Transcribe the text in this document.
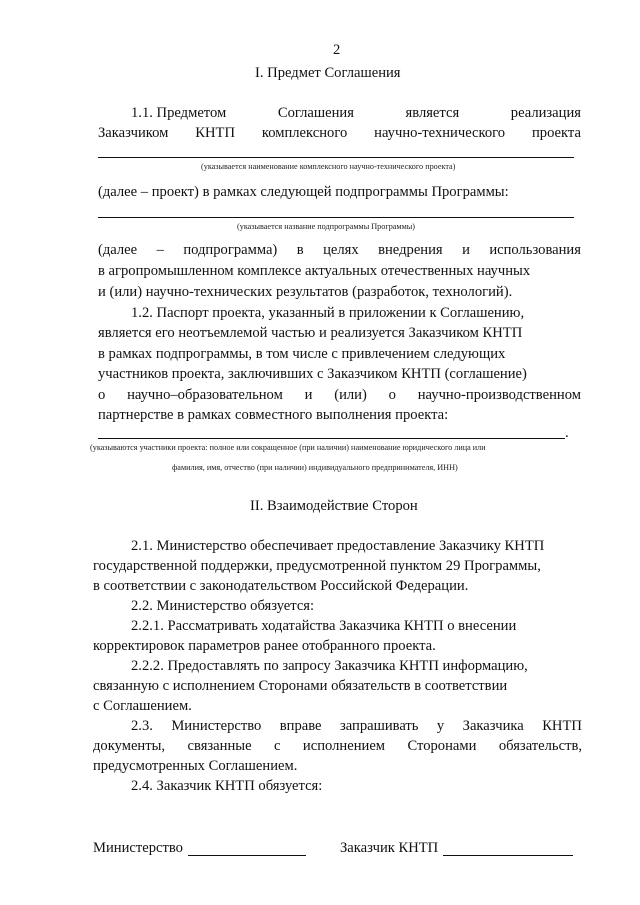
2
I. Предмет Соглашения
1.1. Предметом	Соглашения	является	реализация
Заказчиком КНТП комплексного научно-технического проекта
(указывается наименование комплексного научно-технического проекта)
(далее – проект) в рамках следующей подпрограммы Программы:
(указывается название подпрограммы Программы)
(далее – подпрограмма) в целях внедрения и использования
в агропромышленном комплексе актуальных отечественных научных
и (или) научно-технических результатов (разработок, технологий).
1.2. Паспорт проекта, указанный в приложении к Соглашению,
является его неотъемлемой частью и реализуется Заказчиком КНТП
в рамках подпрограммы, в том числе с привлечением следующих
участников проекта, заключивших с Заказчиком КНТП (соглашение)
о научно–образовательном и (или) о научно-производственном
партнерстве в рамках совместного выполнения проекта:
.
(указываются участники проекта: полное или сокращенное (при наличии) наименование юридического лица или
фамилия, имя, отчество (при наличии) индивидуального предпринимателя, ИНН)
II. Взаимодействие Сторон
2.1. Министерство обеспечивает предоставление Заказчику КНТП
государственной поддержки, предусмотренной пунктом 29 Программы,
в соответствии с законодательством Российской Федерации.
2.2. Министерство обязуется:
2.2.1. Рассматривать ходатайства Заказчика КНТП о внесении
корректировок параметров ранее отобранного проекта.
2.2.2. Предоставлять по запросу Заказчика КНТП информацию,
связанную с исполнением Сторонами обязательств в соответствии
с Соглашением.
2.3. Министерство вправе запрашивать у Заказчика КНТП
документы, связанные с исполнением Сторонами обязательств,
предусмотренных Соглашением.
2.4. Заказчик КНТП обязуется:
Министерство	Заказчик КНТП
